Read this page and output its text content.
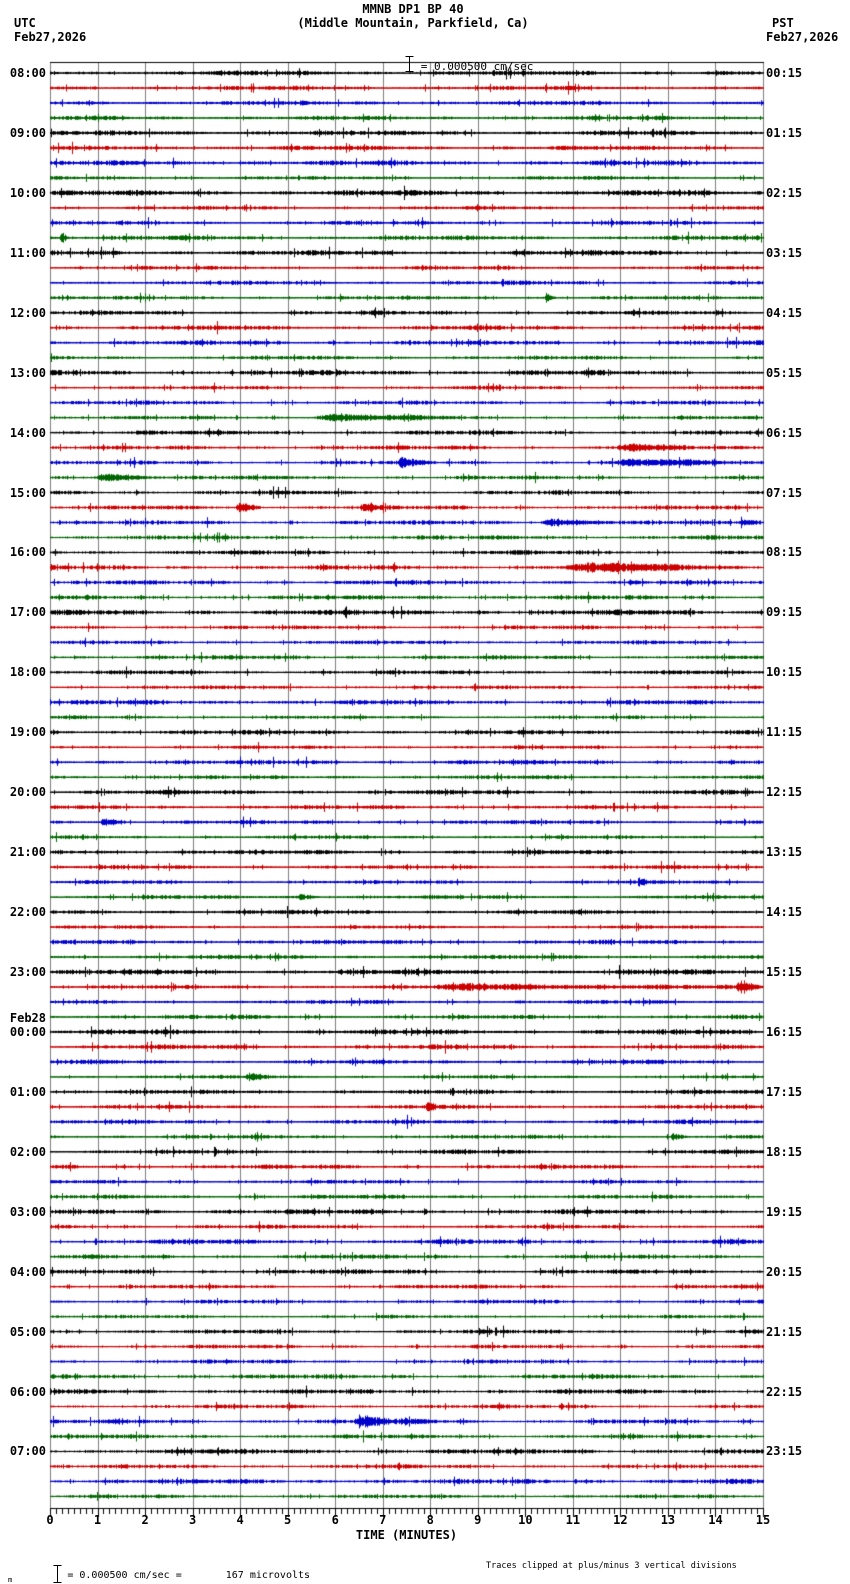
UTC
Feb27,2026
PST
Feb27,2026
MMNB DP1 BP 40
(Middle Mountain, Parkfield, Ca)

= 0.000500 cm/sec
08:00	00:15
09:00	01:15
10:00	02:15
11:00	03:15
12:00	04:15
13:00	05:15
14:00	06:15
15:00	07:15
16:00	08:15
17:00	09:15
18:00	10:15
19:00	11:15
20:00	12:15
21:00	13:15
22:00	14:15
23:00	15:15
00:00	16:15
Feb28
01:00	17:15
02:00	18:15
03:00	19:15
04:00	20:15
05:00	21:15
06:00	22:15
07:00	23:15
0	1	2	3	4	5	6	7	8	9	10	11	12	13	14	15
TIME (MINUTES)
m

	= 0.000500 cm/sec =	167 microvolts
Traces clipped at plus/minus 3 vertical divisions
